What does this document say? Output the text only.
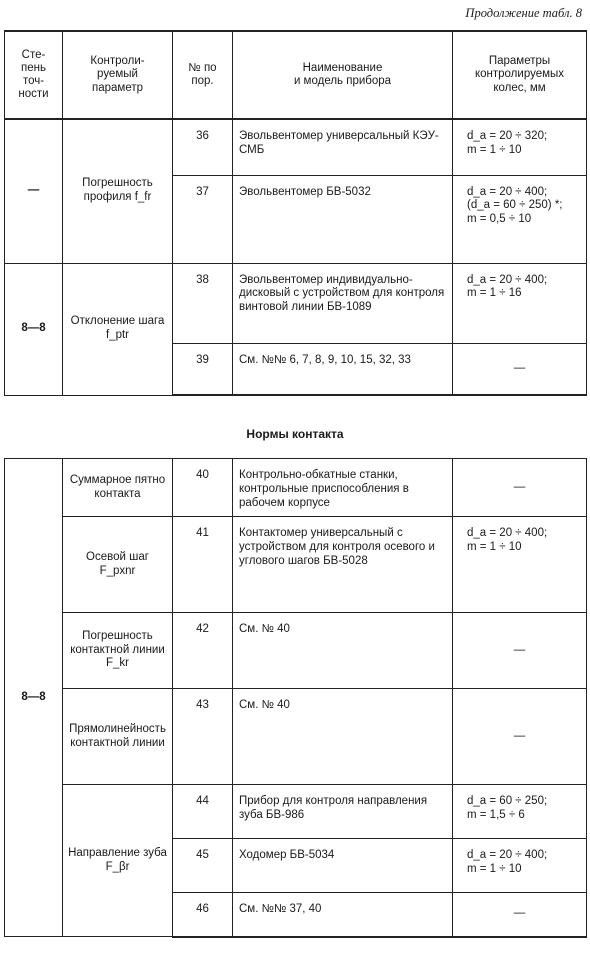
Продолжение табл. 8
Сте-
пень
точ-
ности	Контроли-
руемый
параметр	№ по
пор.	Наименование
и модель прибора	Параметры
контролируемых
колес, мм
—	Погрешность профиля f_fr	36	Эвольвентомер универсальный КЭУ-СМБ	d_a = 20 ÷ 320;
m = 1 ÷ 10

		37	Эвольвентомер БВ-5032	d_a = 20 ÷ 400;
(d_a = 60 ÷ 250) *;
m = 0,5 ÷ 10

8—8	Отклонение шага f_ptr	38	Эвольвентомер индивидуально-дисковый с устройством для контроля винтовой линии БВ-1089	d_a = 20 ÷ 400;
m = 1 ÷ 16

		39	См. №№ 6, 7, 8, 9, 10, 15, 32, 33	—
Нормы контакта
8—8	Суммарное пятно контакта	40	Контрольно-обкатные станки, контрольные приспособления в рабочем корпусе	—
	Осевой шаг F_pxnr	41	Контактомер универсальный с устройством для контроля осевого и углового шагов БВ-5028	d_a = 20 ÷ 400;
m = 1 ÷ 10

	Погрешность контактной линии F_kr	42	См. № 40	—
	Прямолинейность контактной линии	43	См. № 40	—
	Направление зуба F_βr	44	Прибор для контроля направления зуба БВ-986	d_a = 60 ÷ 250;
m = 1,5 ÷ 6

		45	Ходомер БВ-5034	d_a = 20 ÷ 400;
m = 1 ÷ 10

		46	См. №№ 37, 40	—
